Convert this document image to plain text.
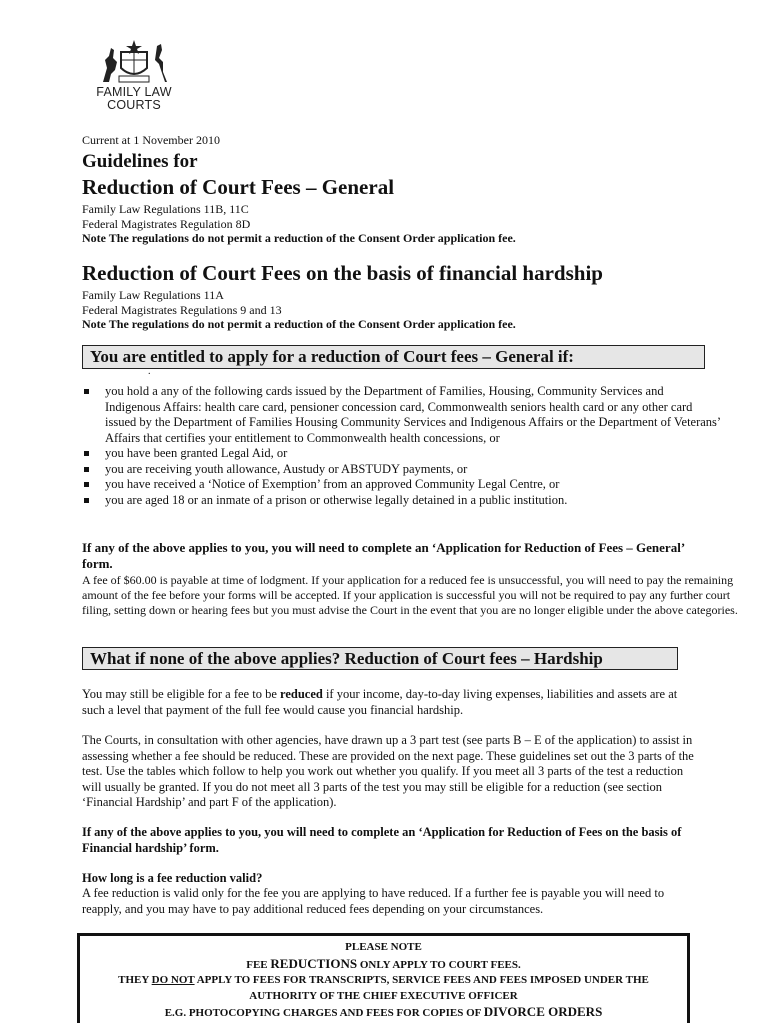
FAMILY LAW
COURTS
Current at 1 November 2010
Guidelines for
Reduction of Court Fees – General
Family Law Regulations 11B, 11C
Federal Magistrates Regulation 8D
Note The regulations do not permit a reduction of the Consent Order application fee.
Reduction of Court Fees on the basis of financial hardship
Family Law Regulations 11A
Federal Magistrates Regulations 9 and 13
Note The regulations do not permit a reduction of the Consent Order application fee.
You are entitled to apply for a reduction of Court fees – General if:
.
you hold a any of the following cards issued by the Department of Families, Housing, Community Services and Indigenous Affairs: health care card, pensioner concession card, Commonwealth seniors health card or any other card issued by the Department of Families Housing Community Services and Indigenous Affairs or the Department of Veterans’ Affairs that certifies your entitlement to Commonwealth health concessions, or
you have been granted Legal Aid, or
you are receiving youth allowance, Austudy or ABSTUDY payments, or
you have received a ‘Notice of Exemption’ from an approved Community Legal Centre, or
you are aged 18 or an inmate of a prison or otherwise legally detained in a public institution.
If any of the above applies to you, you will need to complete an ‘Application for Reduction of Fees – General’ form.
A fee of $60.00 is payable at time of lodgment. If your application for a reduced fee is unsuccessful, you will need to pay the remaining amount of the fee before your forms will be accepted. If your application is successful you will not be required to pay any further court filing, setting down or hearing fees but you must advise the Court in the event that you are no longer eligible under the above categories.
What if none of the above applies? Reduction of Court fees – Hardship
You may still be eligible for a fee to be reduced if your income, day-to-day living expenses, liabilities and assets are at such a level that payment of the full fee would cause you financial hardship.
The Courts, in consultation with other agencies, have drawn up a 3 part test (see parts B – E of the application) to assist in assessing whether a fee should be reduced. These are provided on the next page. These guidelines set out the 3 parts of the test. Use the tables which follow to help you work out whether you qualify. If you meet all 3 parts of the test a reduction will usually be granted. If you do not meet all 3 parts of the test you may still be eligible for a reduction (see section ‘Financial Hardship’ and part F of the application).
If any of the above applies to you, you will need to complete an ‘Application for Reduction of Fees on the basis of Financial hardship’ form.
How long is a fee reduction valid?
A fee reduction is valid only for the fee you are applying to have reduced. If a further fee is payable you will need to reapply, and you may have to pay additional reduced fees depending on your circumstances.
PLEASE NOTE
FEE REDUCTIONS ONLY APPLY TO COURT FEES.
THEY DO NOT APPLY TO FEES FOR TRANSCRIPTS, SERVICE FEES AND FEES IMPOSED UNDER THE
AUTHORITY OF THE CHIEF EXECUTIVE OFFICER
E.G. PHOTOCOPYING CHARGES AND FEES FOR COPIES OF DIVORCE ORDERS
